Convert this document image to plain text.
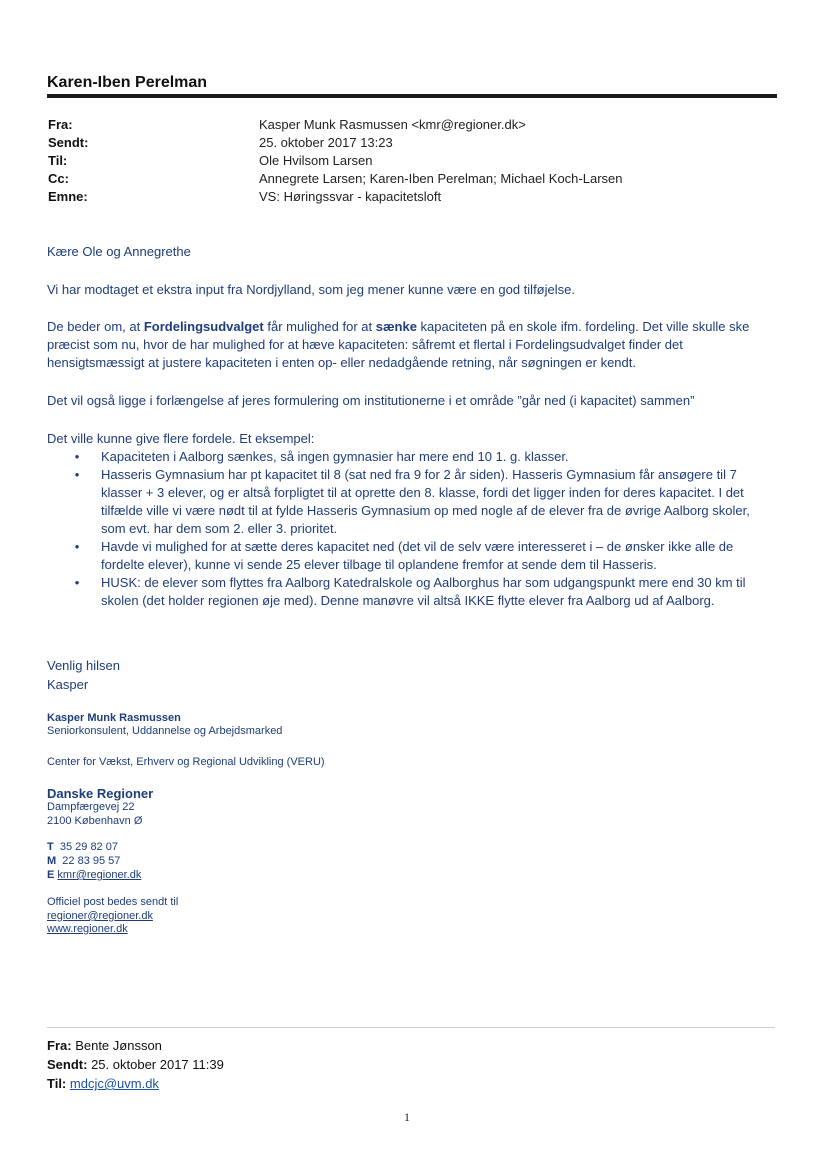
Karen-Iben Perelman
Fra:	Kasper Munk Rasmussen <kmr@regioner.dk>
Sendt:	25. oktober 2017 13:23
Til:	Ole Hvilsom Larsen
Cc:	Annegrete Larsen; Karen-Iben Perelman; Michael Koch-Larsen
Emne:	VS: Høringssvar - kapacitetsloft
Kære Ole og Annegrethe
Vi har modtaget et ekstra input fra Nordjylland, som jeg mener kunne være en god tilføjelse.
De beder om, at Fordelingsudvalget får mulighed for at sænke kapaciteten på en skole ifm. fordeling. Det ville skulle ske præcist som nu, hvor de har mulighed for at hæve kapaciteten: såfremt et flertal i Fordelingsudvalget finder det hensigtsmæssigt at justere kapaciteten i enten op- eller nedadgående retning, når søgningen er kendt.
Det vil også ligge i forlængelse af jeres formulering om institutionerne i et område ”går ned (i kapacitet) sammen”
Det ville kunne give flere fordele. Et eksempel:
•	Kapaciteten i Aalborg sænkes, så ingen gymnasier har mere end 10 1. g. klasser.
•	Hasseris Gymnasium har pt kapacitet til 8 (sat ned fra 9 for 2 år siden). Hasseris Gymnasium får ansøgere til 7 klasser + 3 elever, og er altså forpligtet til at oprette den 8. klasse, fordi det ligger inden for deres kapacitet. I det tilfælde ville vi være nødt til at fylde Hasseris Gymnasium op med nogle af de elever fra de øvrige Aalborg skoler, som evt. har dem som 2. eller 3. prioritet.
•	Havde vi mulighed for at sætte deres kapacitet ned (det vil de selv være interesseret i – de ønsker ikke alle de fordelte elever), kunne vi sende 25 elever tilbage til oplandene fremfor at sende dem til Hasseris.
•	HUSK: de elever som flyttes fra Aalborg Katedralskole og Aalborghus har som udgangspunkt mere end 30 km til skolen (det holder regionen øje med). Denne manøvre vil altså IKKE flytte elever fra Aalborg ud af Aalborg.
Venlig hilsen
Kasper
Kasper Munk Rasmussen
Seniorkonsulent, Uddannelse og Arbejdsmarked
Center for Vækst, Erhverv og Regional Udvikling (VERU)
Danske Regioner
Dampfærgevej 22
2100 København Ø
T 35 29 82 07
M 22 83 95 57
E kmr@regioner.dk
Officiel post bedes sendt til
regioner@regioner.dk
www.regioner.dk
Fra: Bente Jønsson
Sendt: 25. oktober 2017 11:39
Til: mdcjc@uvm.dk
1
